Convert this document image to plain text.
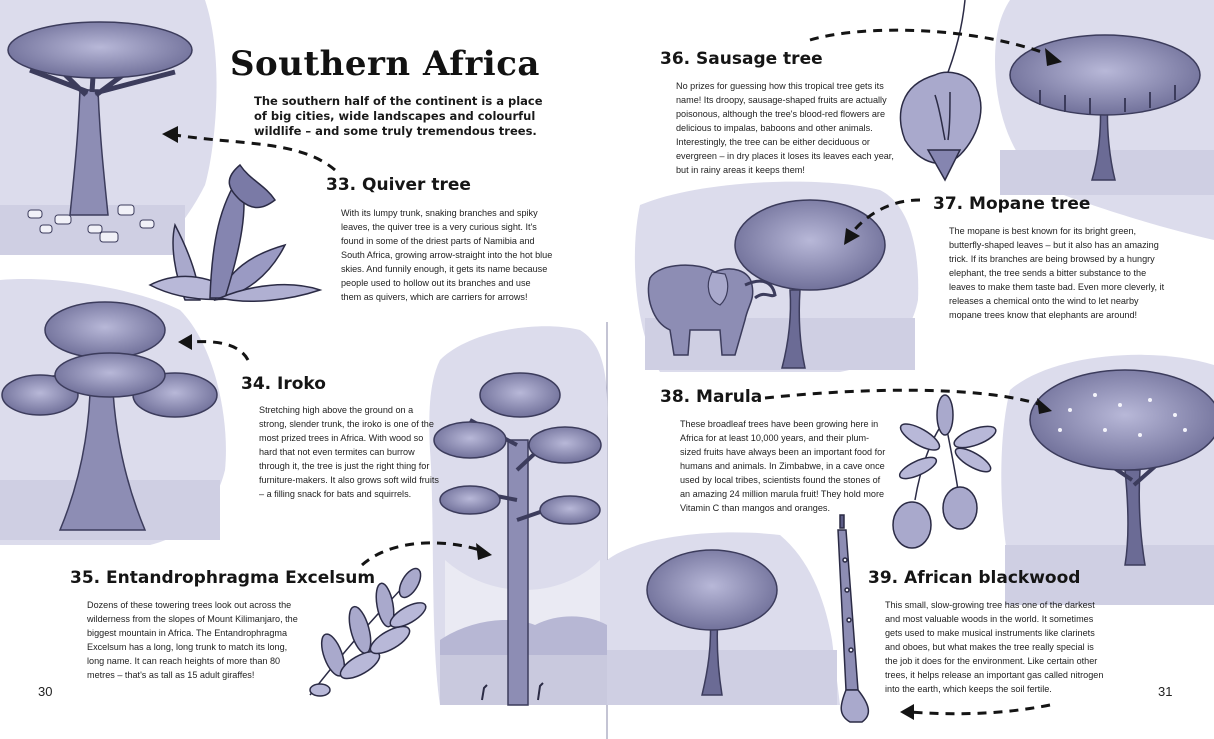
Southern Africa

The southern half of the continent is a place of big cities, wide landscapes and colourful wildlife – and some truly tremendous trees.

33. Quiver tree

With its lumpy trunk, snaking branches and spiky leaves, the quiver tree is a very curious sight. It's found in some of the driest parts of Namibia and South Africa, growing arrow-straight into the hot blue skies. And funnily enough, it gets its name because people used to hollow out its branches and use them as quivers, which are carriers for arrows!

34. Iroko

Stretching high above the ground on a strong, slender trunk, the iroko is one of the most prized trees in Africa. With wood so hard that not even termites can burrow through it, the tree is just the right thing for furniture-makers. It also grows soft wild fruits – a filling snack for bats and squirrels.

35. Entandrophragma Excelsum

Dozens of these towering trees look out across the wilderness from the slopes of Mount Kilimanjaro, the biggest mountain in Africa. The Entandrophragma Excelsum has a long, long trunk to match its long, long name. It can reach heights of more than 80 metres – that's as tall as 15 adult giraffes!

36. Sausage tree

No prizes for guessing how this tropical tree gets its name! Its droopy, sausage-shaped fruits are actually poisonous, although the tree's blood-red flowers are delicious to impalas, baboons and other animals. Interestingly, the tree can be either deciduous or evergreen – in dry places it loses its leaves each year, but in rainy areas it keeps them!

37. Mopane tree

The mopane is best known for its bright green, butterfly-shaped leaves – but it also has an amazing trick. If its branches are being browsed by a hungry elephant, the tree sends a bitter substance to the leaves to make them taste bad. Even more cleverly, it releases a chemical onto the wind to let nearby mopane trees know that elephants are around!

38. Marula

These broadleaf trees have been growing here in Africa for at least 10,000 years, and their plum-sized fruits have always been an important food for humans and animals. In Zimbabwe, in a cave once used by local tribes, scientists found the stones of an amazing 24 million marula fruit! They hold more Vitamin C than mangos and oranges.

39. African blackwood

This small, slow-growing tree has one of the darkest and most valuable woods in the world. It sometimes gets used to make musical instruments like clarinets and oboes, but what makes the tree really special is the job it does for the environment. Like certain other trees, it helps release an important gas called nitrogen into the earth, which keeps the soil fertile.

30	31
